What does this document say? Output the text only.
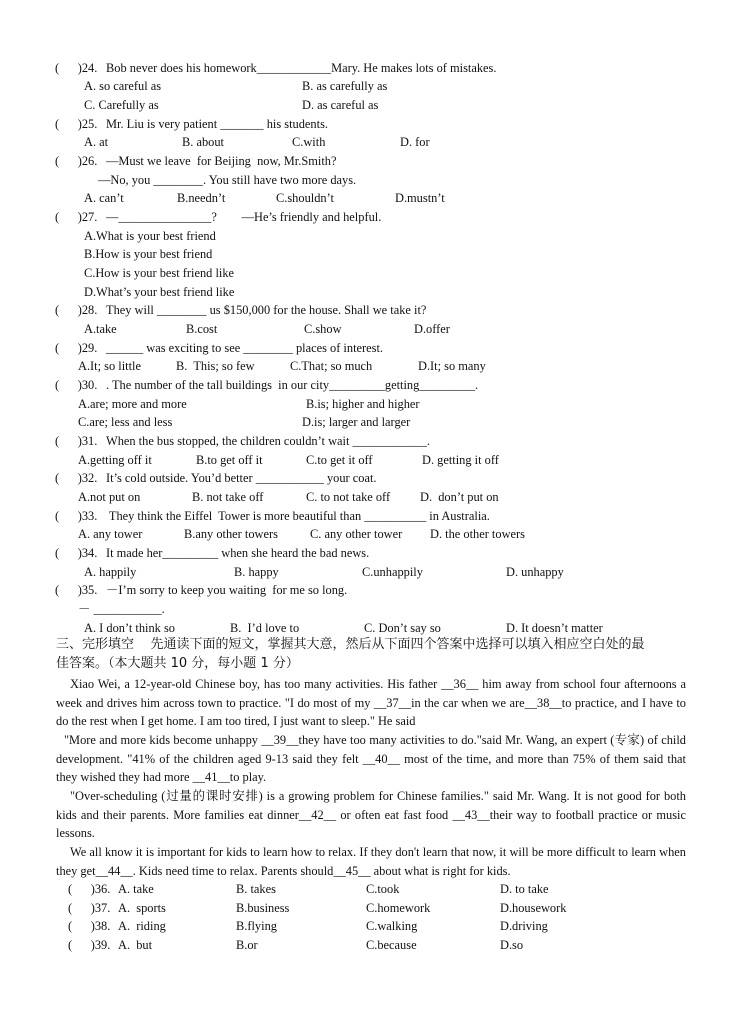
(      )24. Bob never does his homework____________Mary. He makes lots of mistakes.
A. so careful as	B. as carefully as
C. Carefully as	D. as careful as
(      )25. Mr. Liu is very patient _______ his students.
A. at	B. about	C.with	D. for
(      )26. —Must we leave  for Beijing  now, Mr.Smith?
—No, you ________. You still have two more days.
A. can’t	B.needn’t	C.shouldn’t	D.mustn’t
(      )27. —_______________?        —He’s friendly and helpful.
A.What is your best friend
B.How is your best friend
C.How is your best friend like
D.What’s your best friend like
(      )28. They will ________ us $150,000 for the house. Shall we take it?
A.take	B.cost	C.show	D.offer
(      )29. ______ was exciting to see ________ places of interest.
A.It; so little	B.  This; so few	C.That; so much	D.It; so many
(      )30. . The number of the tall buildings  in our city_________getting_________.
A.are; more and more	B.is; higher and higher
C.are; less and less	D.is; larger and larger
(      )31. When the bus stopped, the children couldn’t wait ____________.
A.getting off it	B.to get off it	C.to get it off	D. getting it off
(      )32. It’s cold outside. You’d better ___________ your coat.
A.not put on	B. not take off	C. to not take off D.  don’t put on
(      )33. They think the Eiffel  Tower is more beautiful than __________ in Australia.
A. any tower	B.any other towers	C. any other tower D. the other towers
(      )34. It made her_________ when she heard the bad news.
A. happily	B. happy	C.unhappily	D. unhappy
(      )35. －I’m sorry to keep you waiting  for me so long.
－ ___________.
A. I don’t think so	B.  I’d love to	C. Don’t say so	D. It doesn’t matter
三、完形填空    先通读下面的短文，掌握其大意，然后从下面四个答案中选择可以填入相应空白处的最
佳答案。（本大题共 10 分，每小题 1 分）
Xiao Wei, a 12-year-old Chinese boy, has too many activities. His father __36__ him away from school four afternoons a week and drives him across town to practice. "I do most of my __37__in the car when we are__38__to practice, and I have to do the rest when I get home. I am too tired, I just want to sleep." He said
"More and more kids become unhappy __39__they have too many activities to do."said Mr. Wang, an expert (专家) of child development. "41% of the children aged 9-13 said they felt __40__ most of the time, and more than 75% of them said that they wished they had more __41__to play.
"Over-scheduling (过量的课时安排) is a growing problem for Chinese families." said Mr. Wang. It is not good for both kids and their parents. More families eat dinner__42__ or often eat fast food __43__their way to football practice or music lessons.
We all know it is important for kids to learn how to relax. If they don't learn that now, it will be more difficult to learn when they get__44__. Kids need time to relax. Parents should__45__ about what is right for kids.
(      )36. A. take	B. takes	C.took	D. to take
(      )37. A.  sports	B.business	C.homework	D.housework
(      )38. A.  riding	B.flying	C.walking	D.driving
(      )39. A.  but	B.or	C.because	D.so
